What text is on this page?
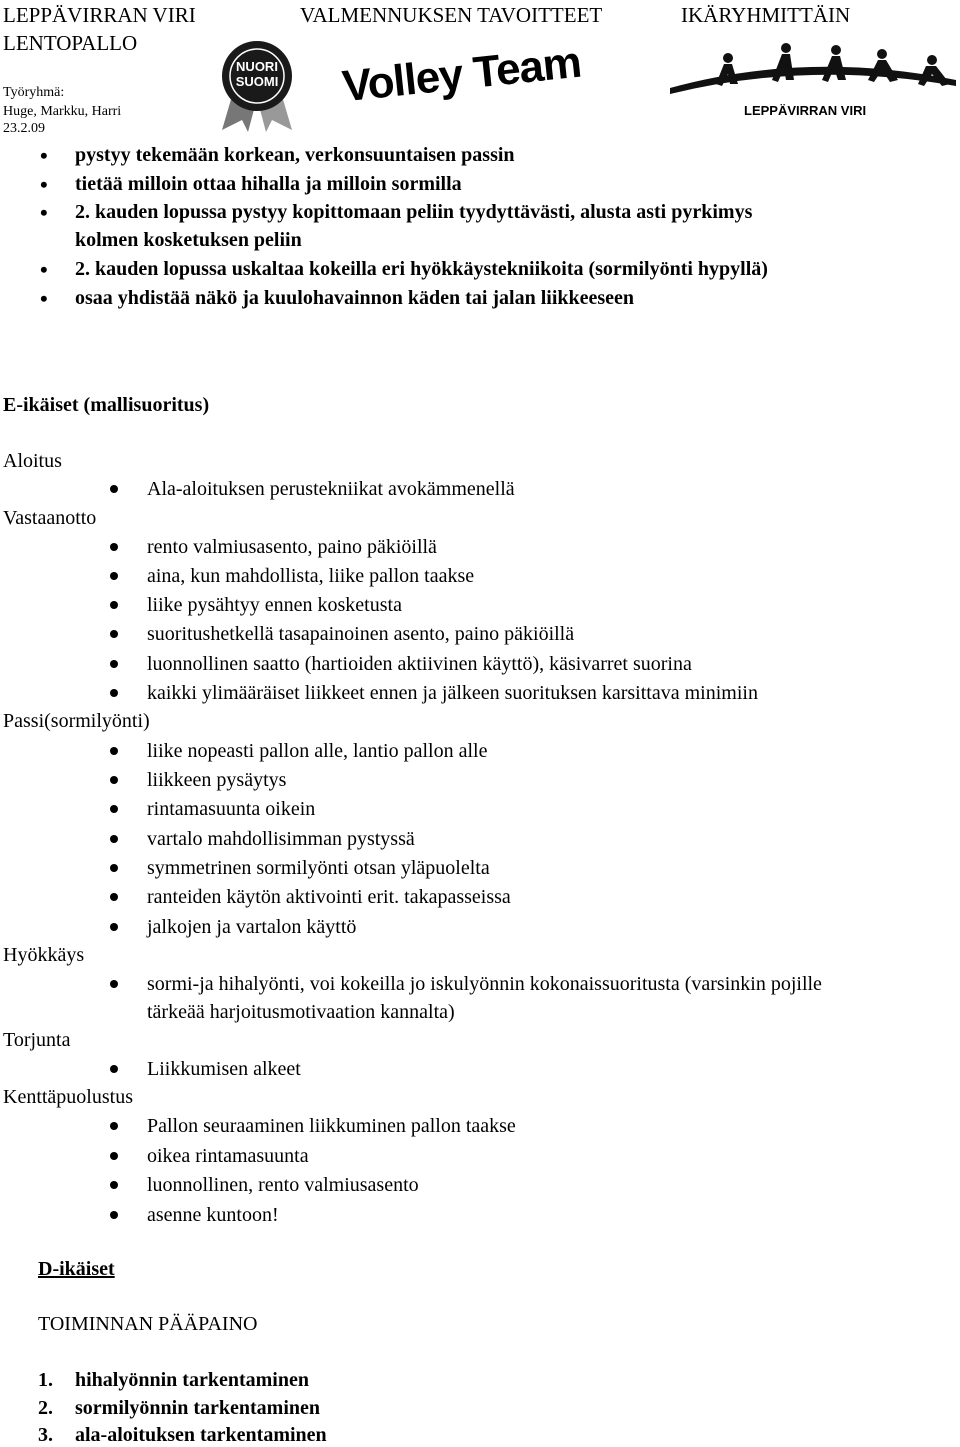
LEPPÄVIRRAN VIRI	VALMENNUKSEN TAVOITTEET	IKÄRYHMITTÄIN
LENTOPALLO
Työryhmä:
Huge, Markku, Harri
23.2.09
NUORI
SUOMI Volley Team	LEPPÄVIRRAN VIRI
• pystyy tekemään korkean, verkonsuuntaisen passin
• tietää milloin ottaa hihalla ja milloin sormilla
• 2. kauden lopussa pystyy kopittomaan peliin tyydyttävästi, alusta asti pyrkimys
kolmen kosketuksen peliin
• 2. kauden lopussa uskaltaa kokeilla eri hyökkäystekniikoita (sormilyönti hypyllä)
• osaa yhdistää näkö ja kuulohavainnon käden tai jalan liikkeeseen
E-ikäiset (mallisuoritus)
Aloitus
Ala-aloituksen perustekniikat avokämmenellä
Vastaanotto
rento valmiusasento, paino päkiöillä
aina, kun mahdollista, liike pallon taakse
liike pysähtyy ennen kosketusta
suoritushetkellä tasapainoinen asento, paino päkiöillä
luonnollinen saatto (hartioiden aktiivinen käyttö), käsivarret suorina
kaikki ylimääräiset liikkeet ennen ja jälkeen suorituksen karsittava minimiin
Passi(sormilyönti)
liike nopeasti pallon alle, lantio pallon alle
liikkeen pysäytys
rintamasuunta oikein
vartalo mahdollisimman pystyssä
symmetrinen sormilyönti otsan yläpuolelta
ranteiden käytön aktivointi erit. takapasseissa
jalkojen ja vartalon käyttö
Hyökkäys
sormi-ja hihalyönti, voi kokeilla jo iskulyönnin kokonaissuoritusta (varsinkin pojille
tärkeää harjoitusmotivaation kannalta)
Torjunta
Liikkumisen alkeet
Kenttäpuolustus
Pallon seuraaminen liikkuminen pallon taakse
oikea rintamasuunta
luonnollinen, rento valmiusasento
asenne kuntoon!
D-ikäiset
TOIMINNAN PÄÄPAINO
1. hihalyönnin tarkentaminen
2. sormilyönnin tarkentaminen
3. ala-aloituksen tarkentaminen
